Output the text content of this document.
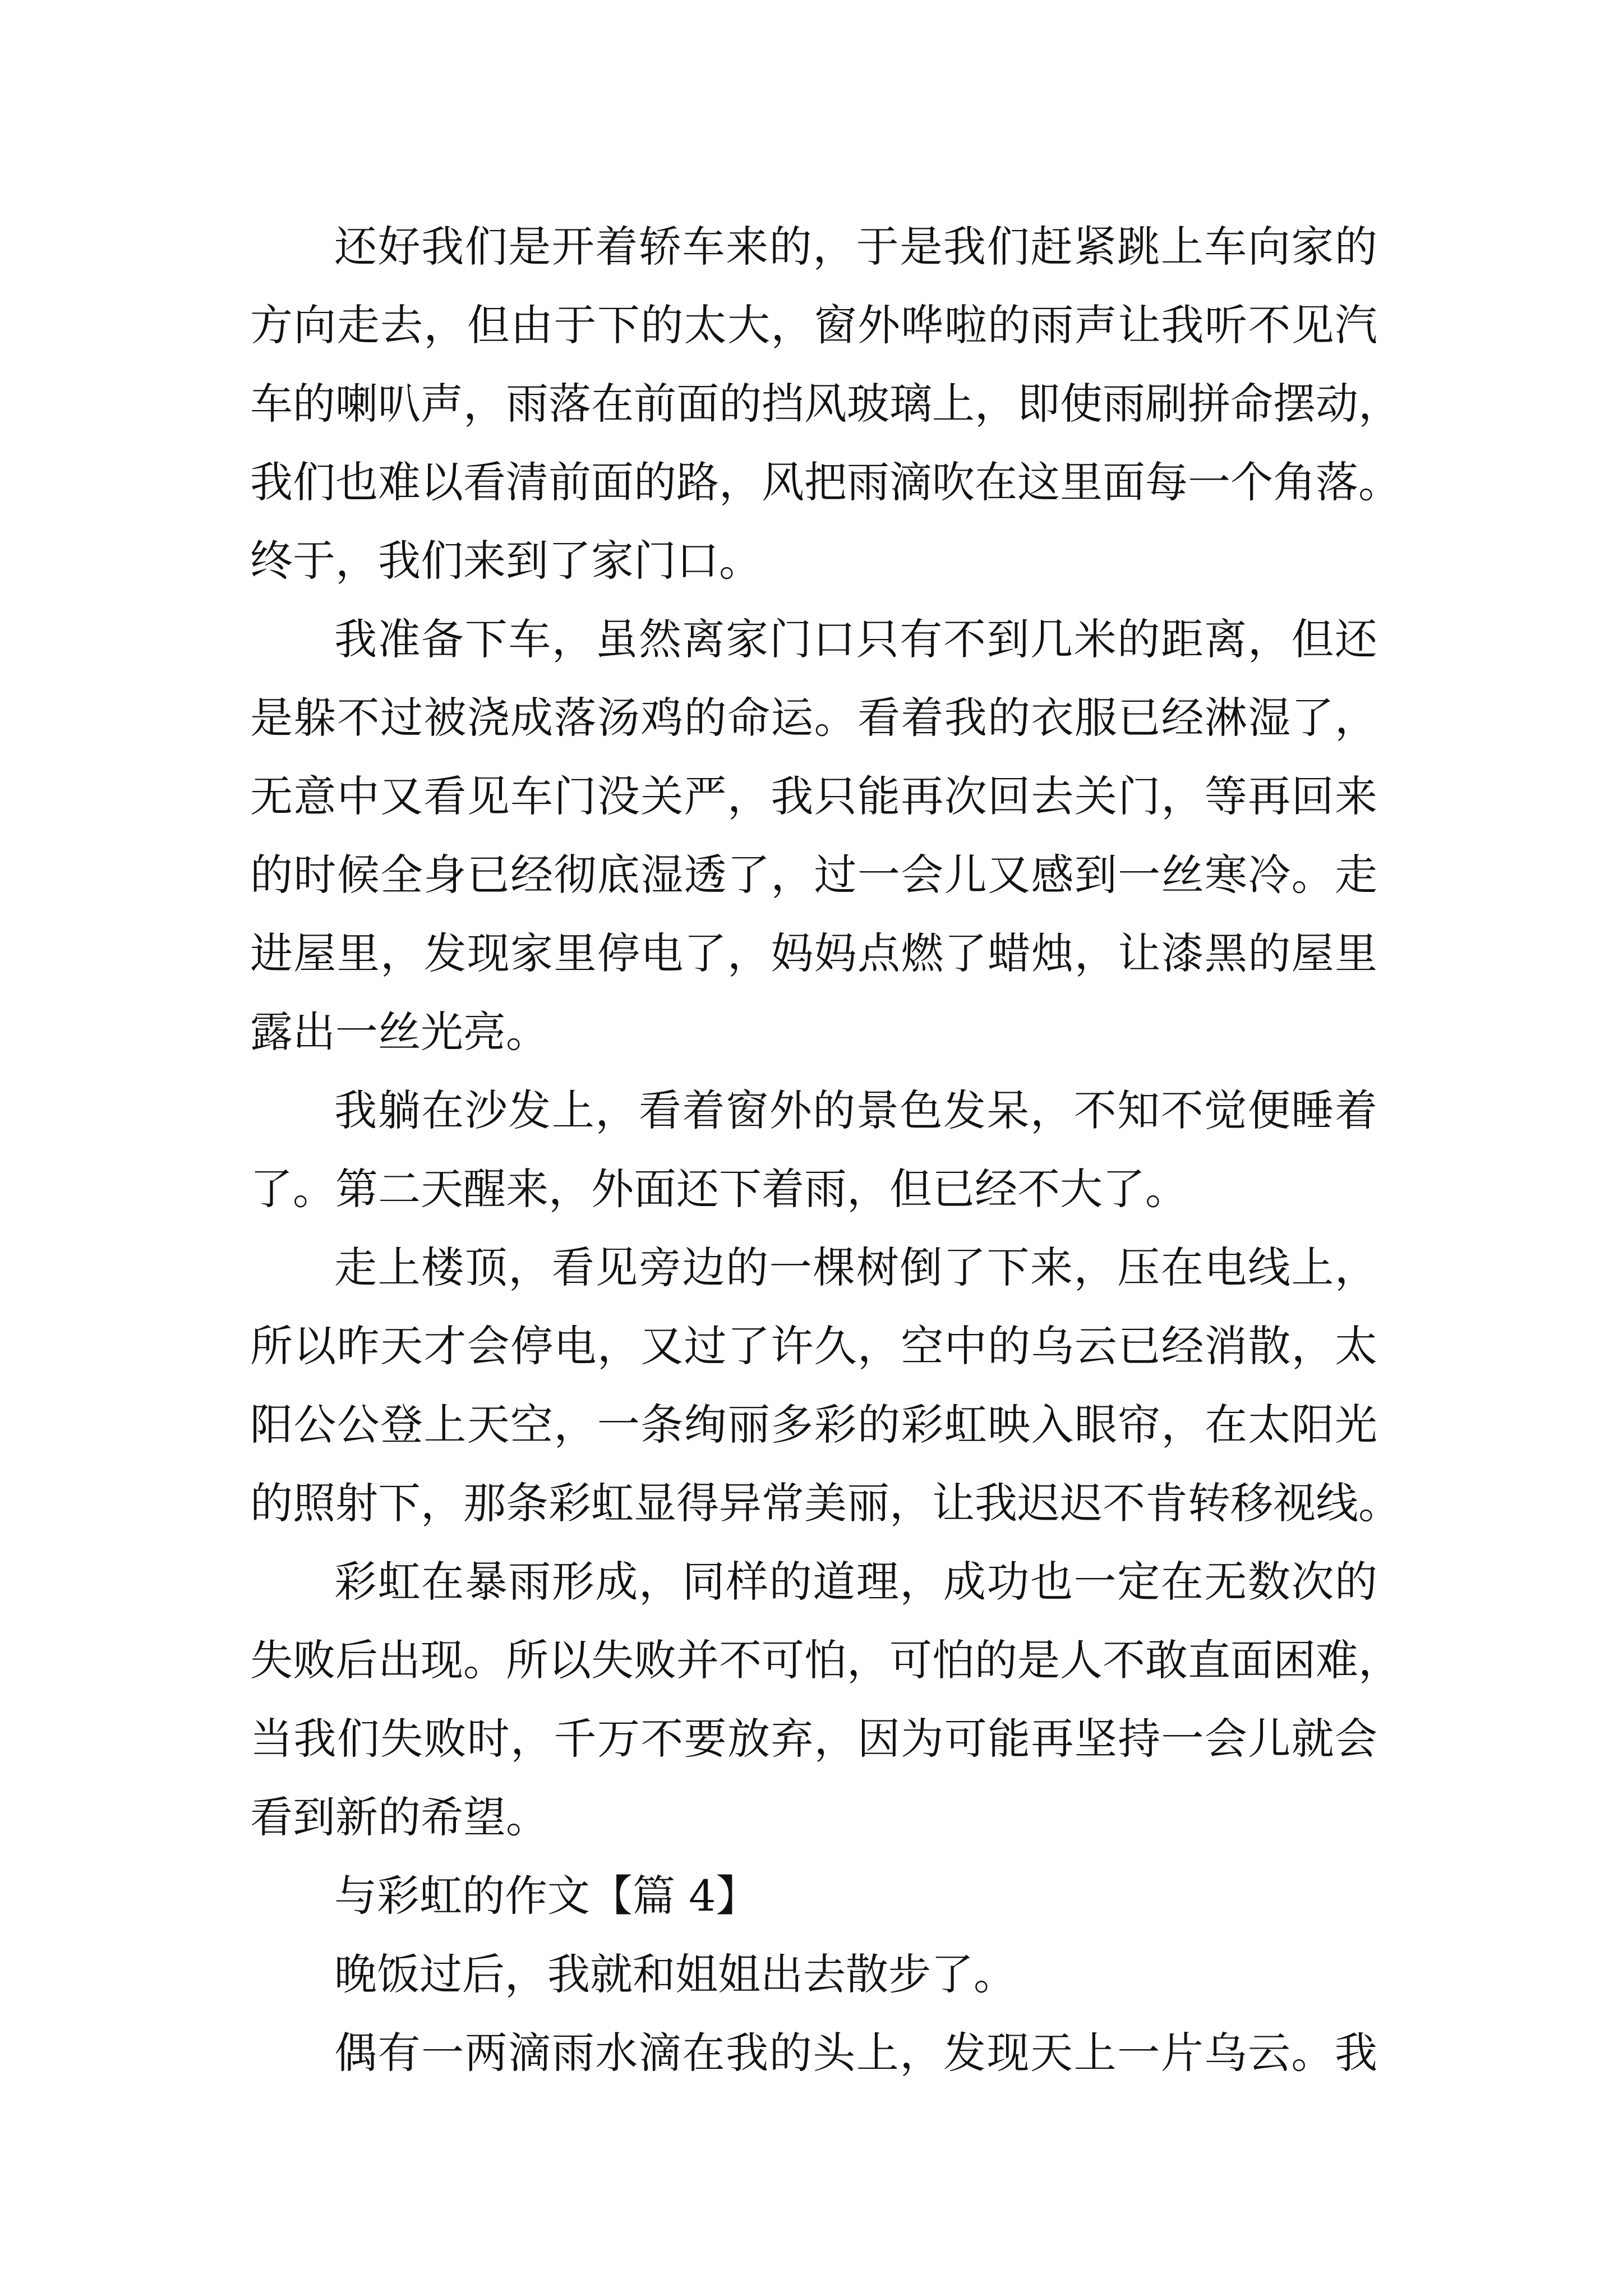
还好我们是开着轿车来的，于是我们赶紧跳上车向家的
方向走去，但由于下的太大，窗外哗啦的雨声让我听不见汽
车的喇叭声，雨落在前面的挡风玻璃上，即使雨刷拼命摆动，
我们也难以看清前面的路，风把雨滴吹在这里面每一个角落。
终于，我们来到了家门口。
我准备下车，虽然离家门口只有不到几米的距离，但还
是躲不过被浇成落汤鸡的命运。看着我的衣服已经淋湿了，
无意中又看见车门没关严，我只能再次回去关门，等再回来
的时候全身已经彻底湿透了，过一会儿又感到一丝寒冷。走
进屋里，发现家里停电了，妈妈点燃了蜡烛，让漆黑的屋里
露出一丝光亮。
我躺在沙发上，看着窗外的景色发呆，不知不觉便睡着
了。第二天醒来，外面还下着雨，但已经不大了。
走上楼顶，看见旁边的一棵树倒了下来，压在电线上，
所以昨天才会停电，又过了许久，空中的乌云已经消散，太
阳公公登上天空，一条绚丽多彩的彩虹映入眼帘，在太阳光
的照射下，那条彩虹显得异常美丽，让我迟迟不肯转移视线。
彩虹在暴雨形成，同样的道理，成功也一定在无数次的
失败后出现。所以失败并不可怕，可怕的是人不敢直面困难，
当我们失败时，千万不要放弃，因为可能再坚持一会儿就会
看到新的希望。
与彩虹的作文【篇 4】
晚饭过后，我就和姐姐出去散步了。
偶有一两滴雨水滴在我的头上，发现天上一片乌云。我
